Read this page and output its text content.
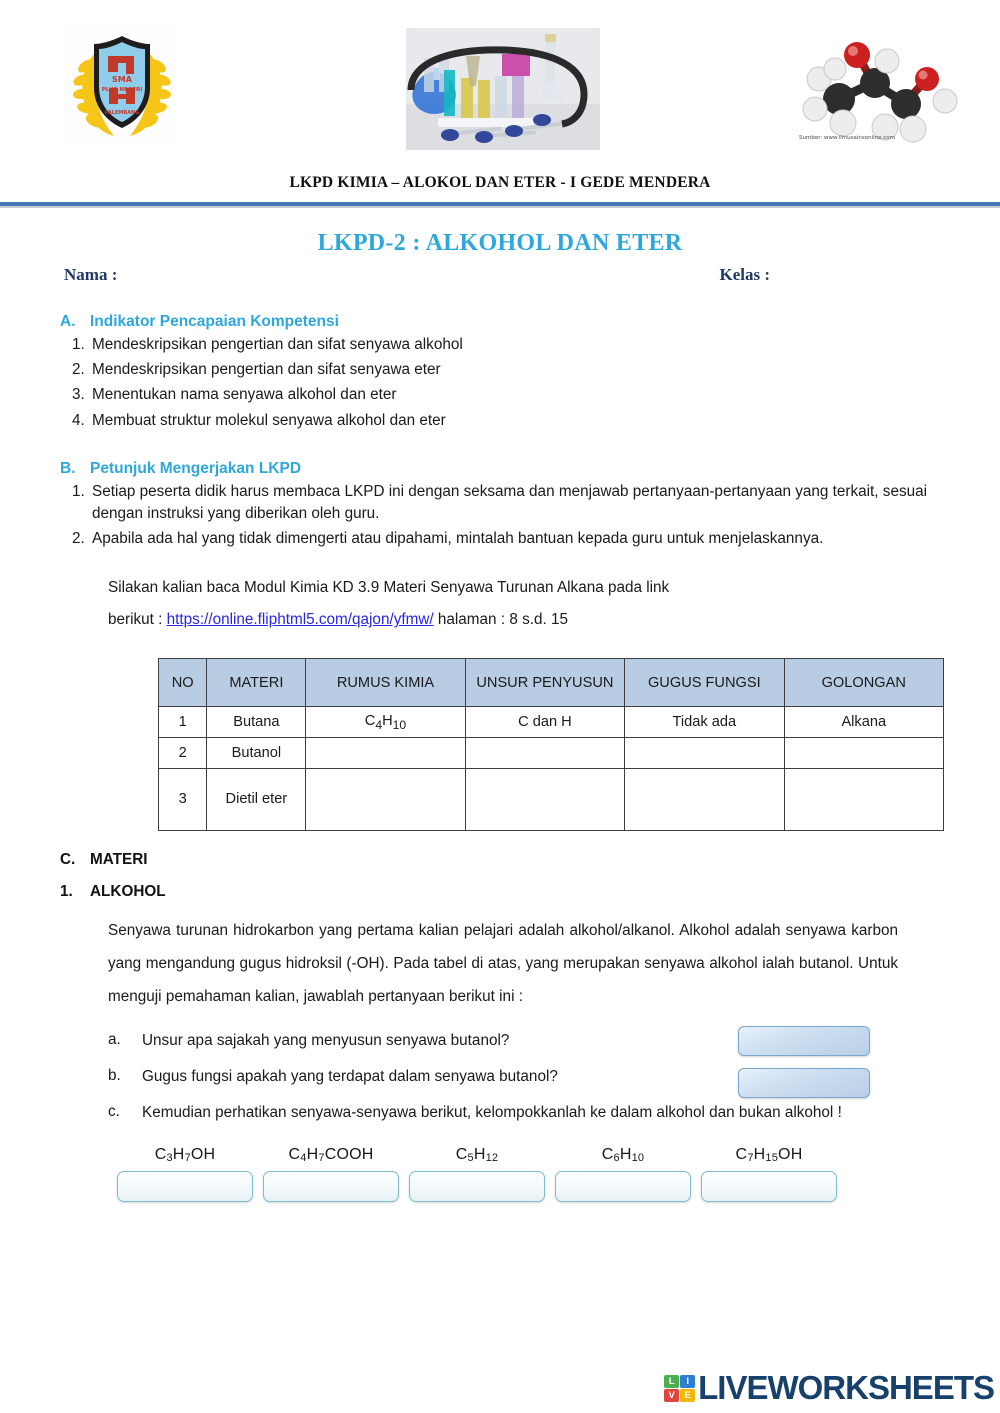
SMA
PLUS NEGERI
PALEMBANG
Sumber: www.ilmusainsonline.com
LKPD KIMIA – ALOKOL DAN ETER - I GEDE MENDERA
LKPD-2 : ALKOHOL DAN ETER
Nama :	Kelas :
A. Indikator Pencapaian Kompetensi
1. Mendeskripsikan pengertian dan sifat senyawa alkohol
2. Mendeskripsikan pengertian dan sifat senyawa eter
3. Menentukan nama senyawa alkohol dan eter
4. Membuat struktur molekul senyawa alkohol dan eter
B. Petunjuk Mengerjakan LKPD
1. Setiap peserta didik harus membaca LKPD ini dengan seksama dan menjawab pertanyaan-pertanyaan yang terkait, sesuai dengan instruksi yang diberikan oleh guru.
2. Apabila ada hal yang tidak dimengerti atau dipahami, mintalah bantuan kepada guru untuk menjelaskannya.
Silakan kalian baca Modul Kimia KD 3.9 Materi Senyawa Turunan Alkana pada link
berikut : https://online.fliphtml5.com/qajon/yfmw/ halaman : 8 s.d. 15
NO	MATERI	RUMUS KIMIA	UNSUR PENYUSUN	GUGUS FUNGSI	GOLONGAN
1	Butana	$C_4H_{10}$	C dan H	Tidak ada	Alkana
2	Butanol				
3	Dietil eter				
C. MATERI
1.	ALKOHOL
Senyawa turunan hidrokarbon yang pertama kalian pelajari adalah alkohol/alkanol. Alkohol adalah senyawa karbon yang mengandung gugus hidroksil (-OH). Pada tabel di atas, yang merupakan senyawa alkohol ialah butanol. Untuk menguji pemahaman kalian, jawablah pertanyaan berikut ini :
a.	Unsur apa sajakah yang menyusun senyawa butanol?
b.	Gugus fungsi apakah yang terdapat dalam senyawa butanol?
c.	Kemudian perhatikan senyawa-senyawa berikut, kelompokkanlah ke dalam alkohol dan bukan alkohol !
$C_3H_7OH$	$C_4H_7COOH$	$C_5H_{12}$	$C_6H_{10}$	$C_7H_{15}OH$
L	I
V	E LIVEWORKSHEETS
